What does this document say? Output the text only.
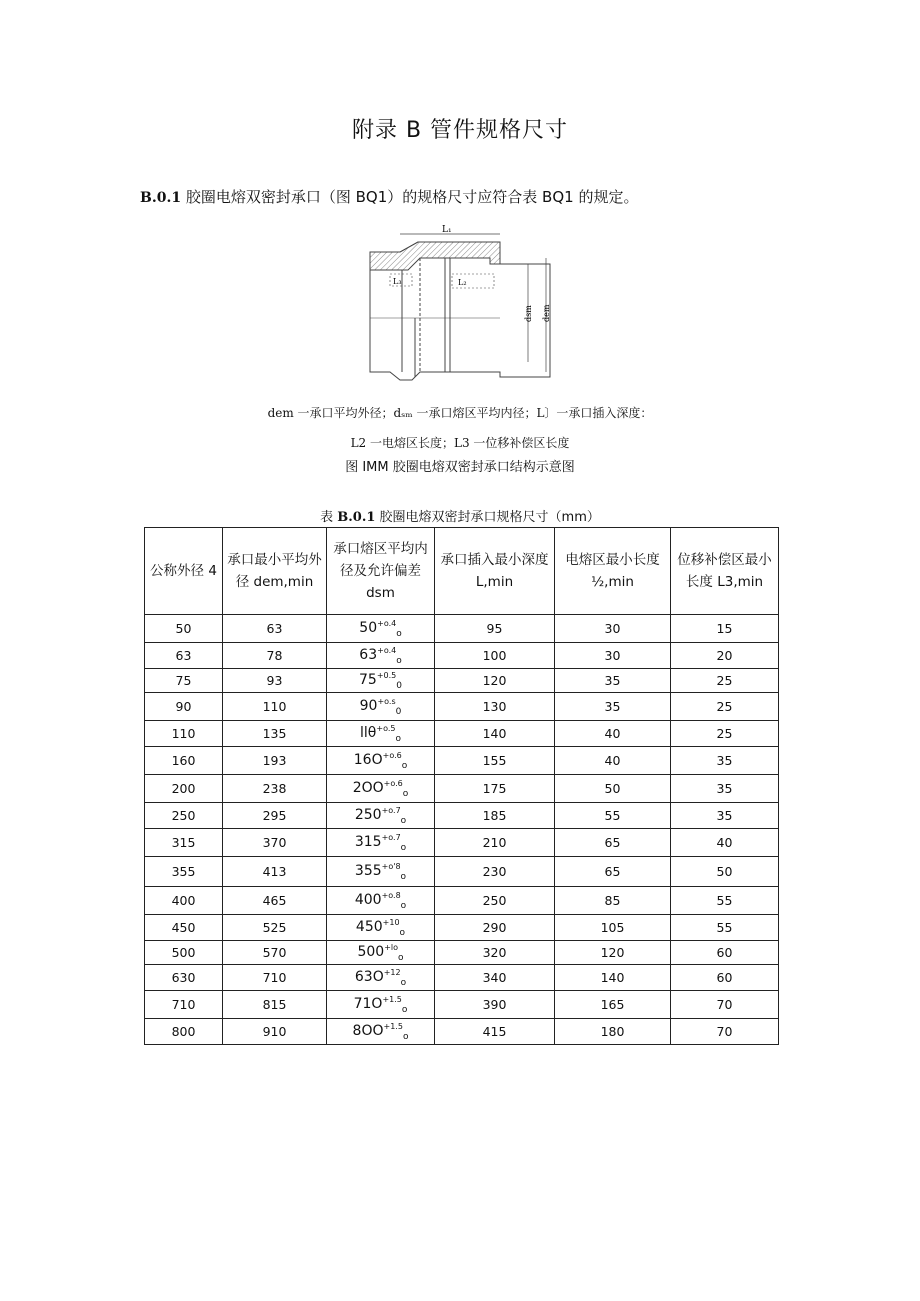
附录 B 管件规格尺寸
B.0.1 胶圈电熔双密封承口（图 BQ1）的规格尺寸应符合表 BQ1 的规定。
L₁
L₃	L₂
dsm dem
dem 一承口平均外径；dₛₘ 一承口熔区平均内径；L〕一承口插入深度：
L2 一电熔区长度；L3 一位移补偿区长度
图 IMM 胶圈电熔双密封承口结构示意图
表 B.0.1 胶圈电熔双密封承口规格尺寸（mm）
公称外径 4	承口最小平均外径 dem,min	承口熔区平均内径及允许偏差 dsm	承口插入最小深度 L,min	电熔区最小长度 ½,min	位移补偿区最小长度 L3,min
50	63	$50^{+o.4}_o$	95	30	15
63	78	$63^{+o.4}_o$	100	30	20
75	93	$75^{+0.5}_0$	120	35	25
90	110	$90^{+o.s}_0$	130	35	25
110	135	llθ$^{+o.5}_o$	140	40	25
160	193	$16O^{+o.6}_o$	155	40	35
200	238	$2OO^{+o.6}_o$	175	50	35
250	295	$250^{+o.7}_o$	185	55	35
315	370	$315^{+o.7}_o$	210	65	40
355	413	$355^{+o'8}_o$	230	65	50
400	465	$400^{+o.8}_o$	250	85	55
450	525	$450^{+10}_o$	290	105	55
500	570	$500^{+lo}_o$	320	120	60
630	710	$63O^{+12}_o$	340	140	60
710	815	$71O^{+1.5}_o$	390	165	70
800	910	$8OO^{+1.5}_o$	415	180	70
